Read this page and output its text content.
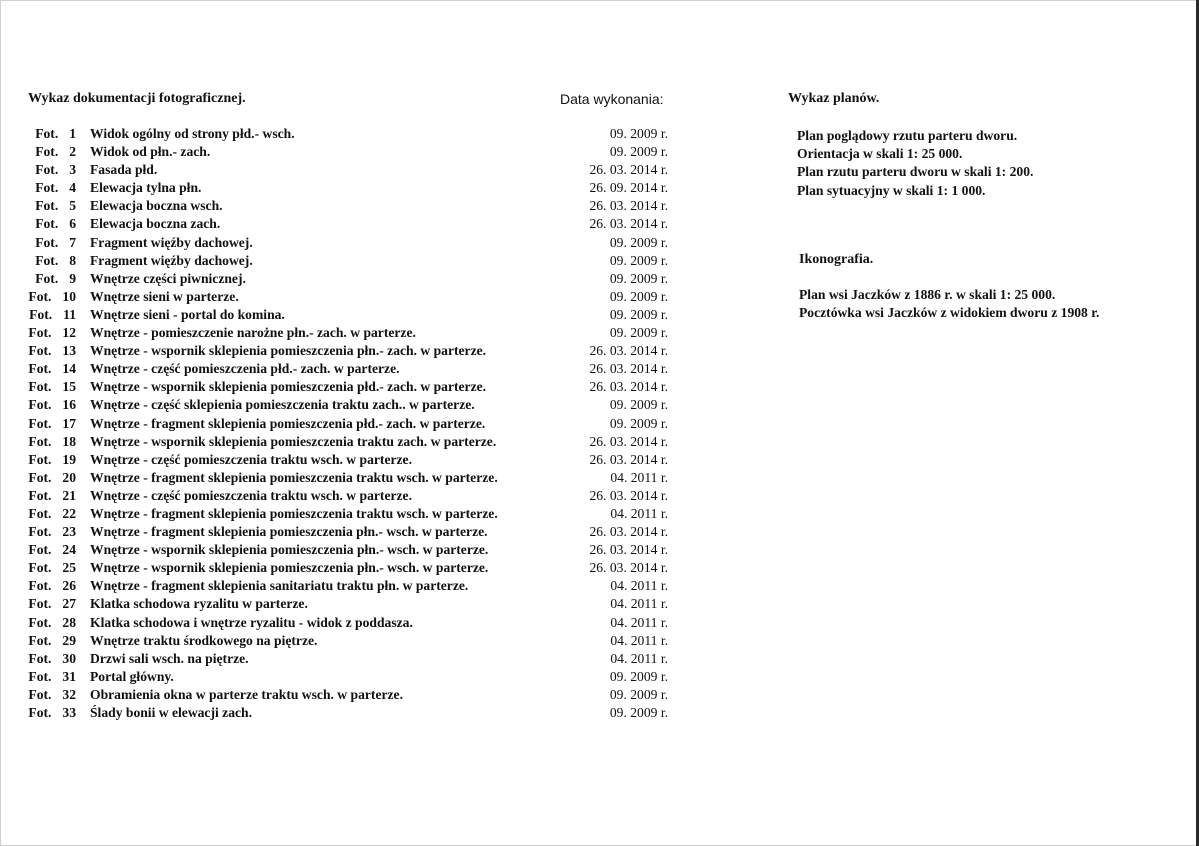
Wykaz dokumentacji fotograficznej.	Data wykonania:	Wykaz planów.
Fot. 1 Widok ogólny od strony płd.- wsch.	09. 2009 r.
Fot. 2 Widok od płn.- zach.	09. 2009 r.
Fot. 3 Fasada płd.	26. 03. 2014 r.
Fot. 4 Elewacja tylna płn.	26. 09. 2014 r.
Fot. 5 Elewacja boczna wsch.	26. 03. 2014 r.
Fot. 6 Elewacja boczna zach.	26. 03. 2014 r.
Fot. 7 Fragment więźby dachowej.	09. 2009 r.
Fot. 8 Fragment więźby dachowej.	09. 2009 r.
Fot. 9 Wnętrze części piwnicznej.	09. 2009 r.
Fot. 10 Wnętrze sieni w parterze.	09. 2009 r.
Fot. 11 Wnętrze sieni - portal do komina.	09. 2009 r.
Fot. 12 Wnętrze - pomieszczenie narożne płn.- zach. w parterze.	09. 2009 r.
Fot. 13 Wnętrze - wspornik sklepienia pomieszczenia płn.- zach. w parterze.	26. 03. 2014 r.
Fot. 14 Wnętrze - część pomieszczenia płd.- zach. w parterze.	26. 03. 2014 r.
Fot. 15 Wnętrze - wspornik sklepienia pomieszczenia płd.- zach. w parterze.	26. 03. 2014 r.
Fot. 16 Wnętrze - część sklepienia pomieszczenia traktu zach.. w parterze.	09. 2009 r.
Fot. 17 Wnętrze - fragment sklepienia pomieszczenia płd.- zach. w parterze.	09. 2009 r.
Fot. 18 Wnętrze - wspornik sklepienia pomieszczenia traktu zach. w parterze.	26. 03. 2014 r.
Fot. 19 Wnętrze - część pomieszczenia traktu wsch. w parterze.	26. 03. 2014 r.
Fot. 20 Wnętrze - fragment sklepienia pomieszczenia traktu wsch. w parterze.	04. 2011 r.
Fot. 21 Wnętrze - część pomieszczenia traktu wsch. w parterze.	26. 03. 2014 r.
Fot. 22 Wnętrze - fragment sklepienia pomieszczenia traktu wsch. w parterze.	04. 2011 r.
Fot. 23 Wnętrze - fragment sklepienia pomieszczenia płn.- wsch. w parterze.	26. 03. 2014 r.
Fot. 24 Wnętrze - wspornik sklepienia pomieszczenia płn.- wsch. w parterze.	26. 03. 2014 r.
Fot. 25 Wnętrze - wspornik sklepienia pomieszczenia płn.- wsch. w parterze.	26. 03. 2014 r.
Fot. 26 Wnętrze - fragment sklepienia sanitariatu traktu płn. w parterze.	04. 2011 r.
Fot. 27 Klatka schodowa ryzalitu w parterze.	04. 2011 r.
Fot. 28 Klatka schodowa i wnętrze ryzalitu - widok z poddasza.	04. 2011 r.
Fot. 29 Wnętrze traktu środkowego na piętrze.	04. 2011 r.
Fot. 30 Drzwi sali wsch. na piętrze.	04. 2011 r.
Fot. 31 Portal główny.	09. 2009 r.
Fot. 32 Obramienia okna w parterze traktu wsch. w parterze.	09. 2009 r.
Fot. 33 Ślady bonii w elewacji zach.	09. 2009 r.
Plan poglądowy rzutu parteru dworu.
Orientacja w skali 1: 25 000.
Plan rzutu parteru dworu w skali 1: 200.
Plan sytuacyjny w skali 1: 1 000.
Ikonografia.
Plan wsi Jaczków z 1886 r. w skali 1: 25 000.
Pocztówka wsi Jaczków z widokiem dworu z 1908 r.
